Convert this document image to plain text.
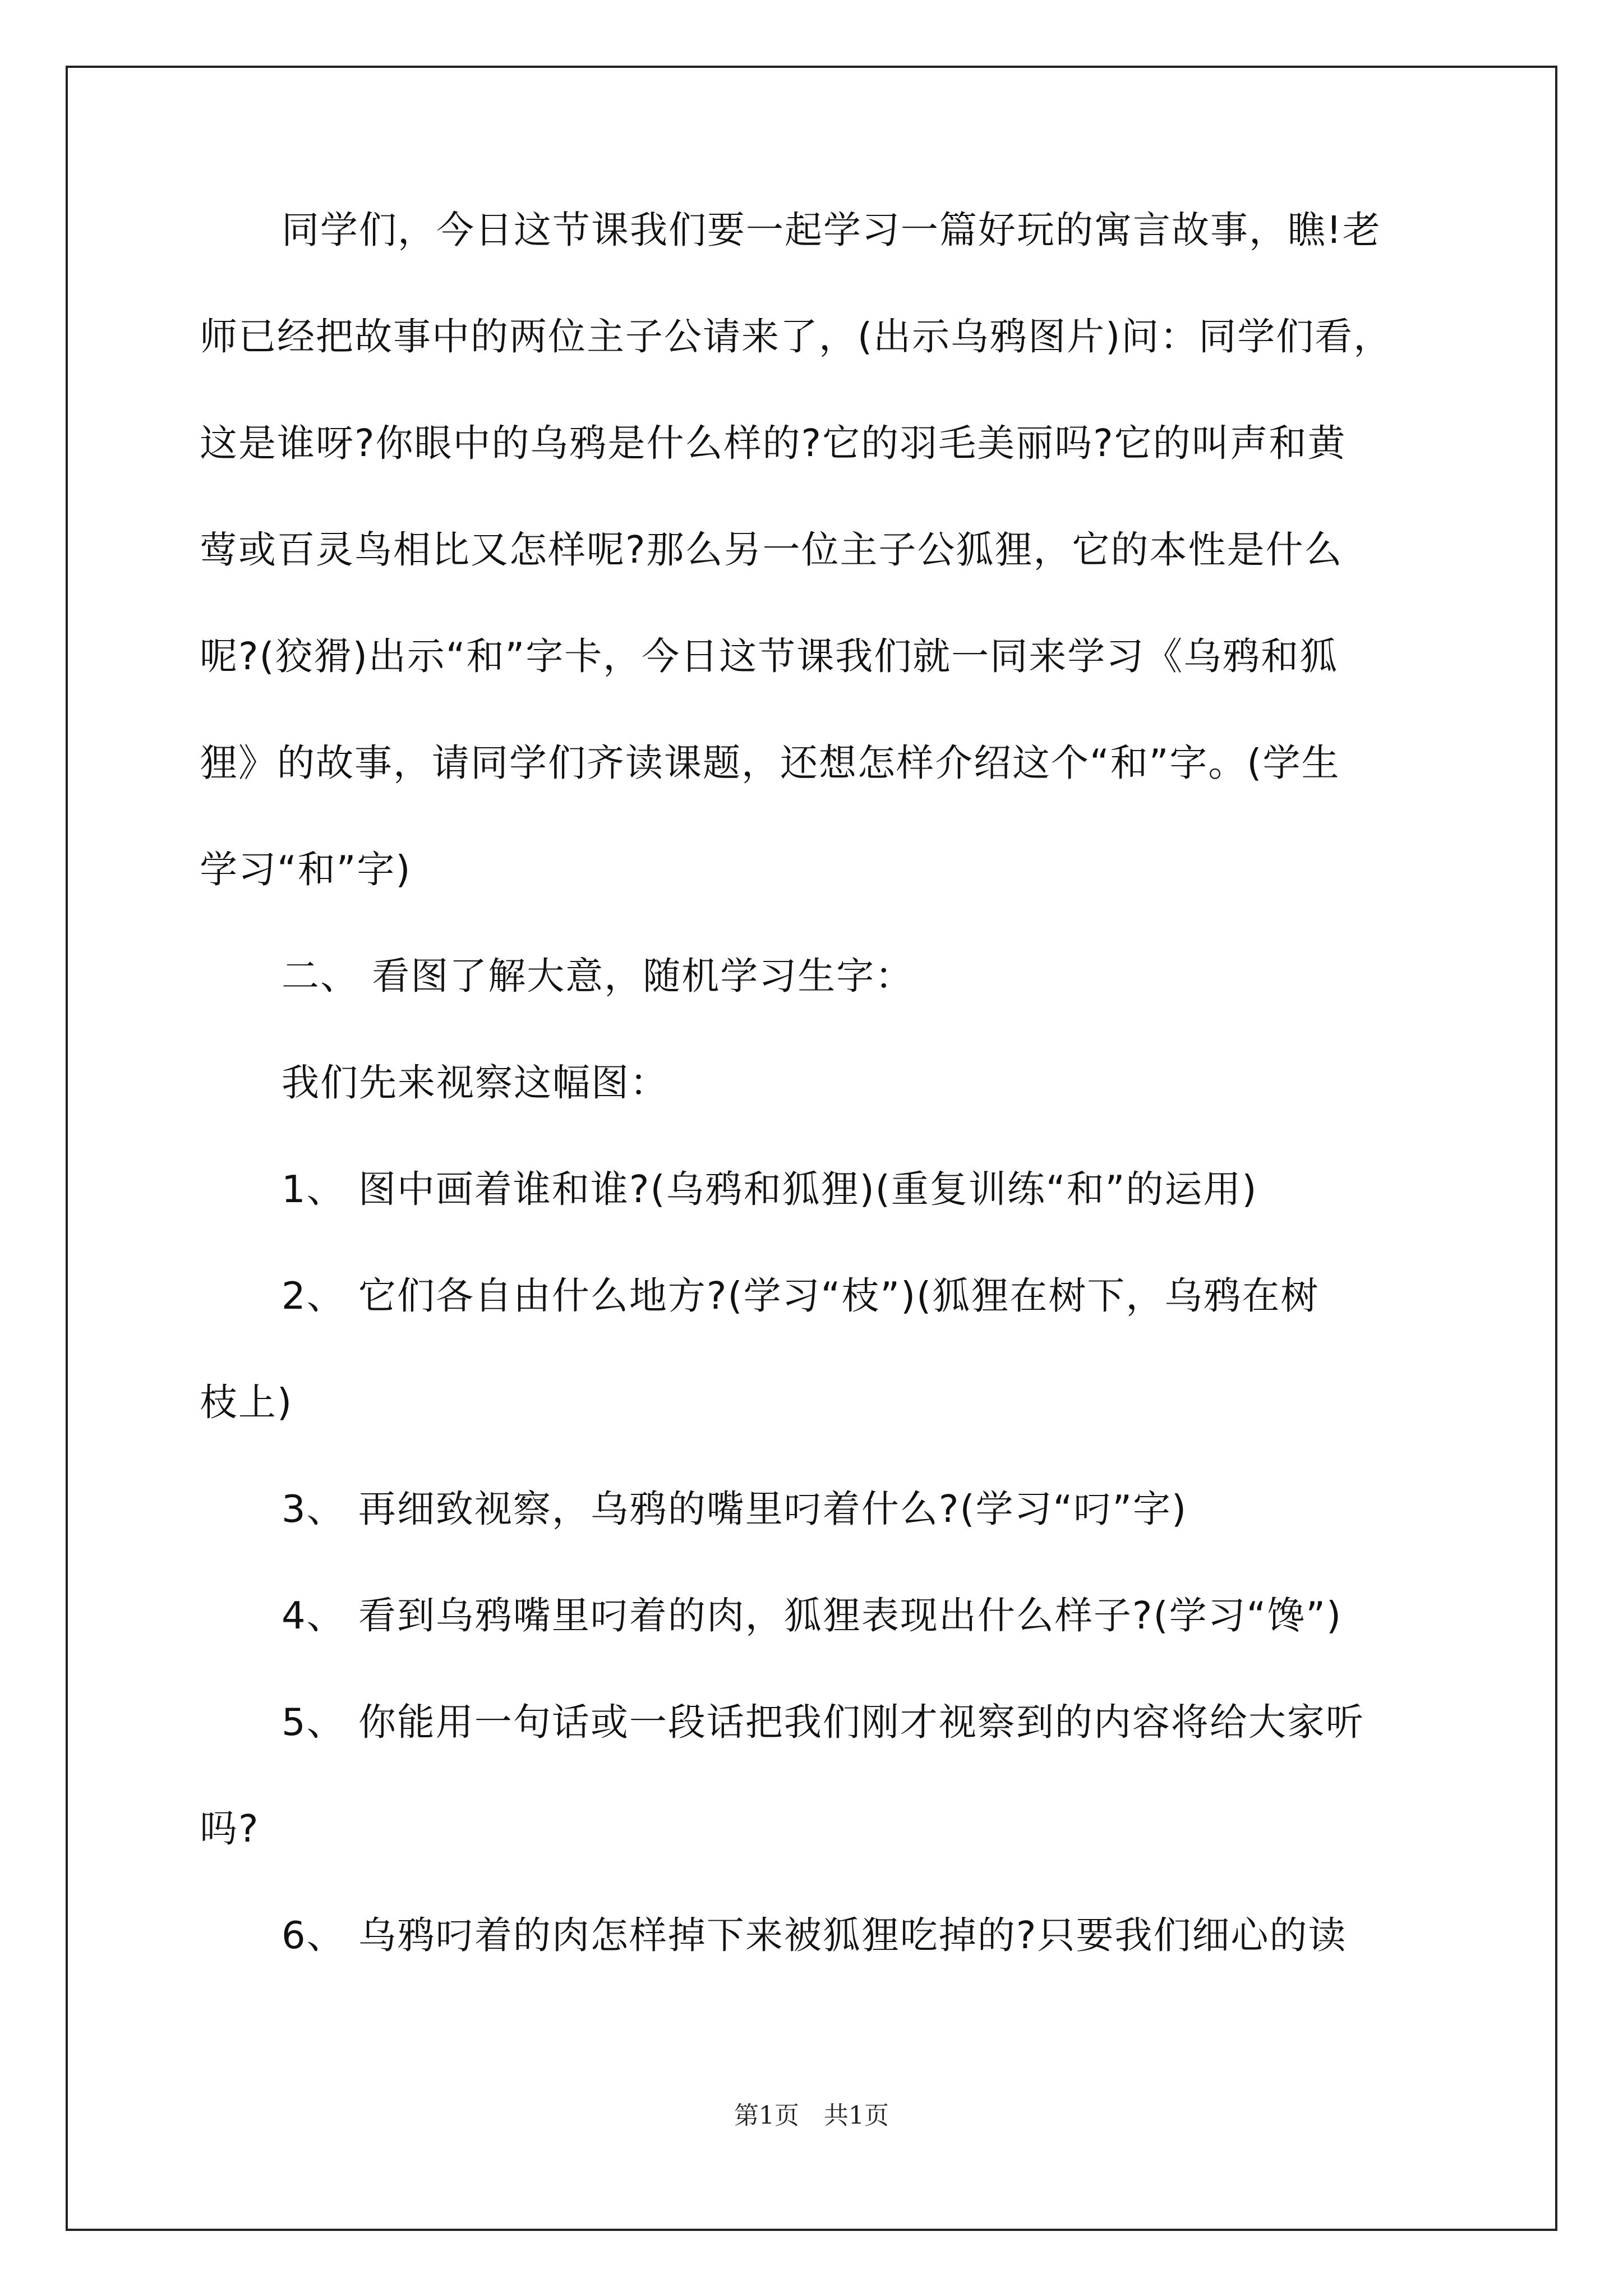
同学们，今日这节课我们要一起学习一篇好玩的寓言故事，瞧!老
师已经把故事中的两位主子公请来了，(出示乌鸦图片)问：同学们看，
这是谁呀?你眼中的乌鸦是什么样的?它的羽毛美丽吗?它的叫声和黄
莺或百灵鸟相比又怎样呢?那么另一位主子公狐狸，它的本性是什么
呢?(狡猾)出示“和”字卡，今日这节课我们就一同来学习《乌鸦和狐
狸》的故事，请同学们齐读课题，还想怎样介绍这个“和”字。(学生
学习“和”字)
二、 看图了解大意，随机学习生字：
我们先来视察这幅图：
1、 图中画着谁和谁?(乌鸦和狐狸)(重复训练“和”的运用)
2、 它们各自由什么地方?(学习“枝”)(狐狸在树下，乌鸦在树
枝上)
3、 再细致视察，乌鸦的嘴里叼着什么?(学习“叼”字)
4、 看到乌鸦嘴里叼着的肉，狐狸表现出什么样子?(学习“馋”)
5、 你能用一句话或一段话把我们刚才视察到的内容将给大家听
吗?
6、 乌鸦叼着的肉怎样掉下来被狐狸吃掉的?只要我们细心的读
第1页　共1页
